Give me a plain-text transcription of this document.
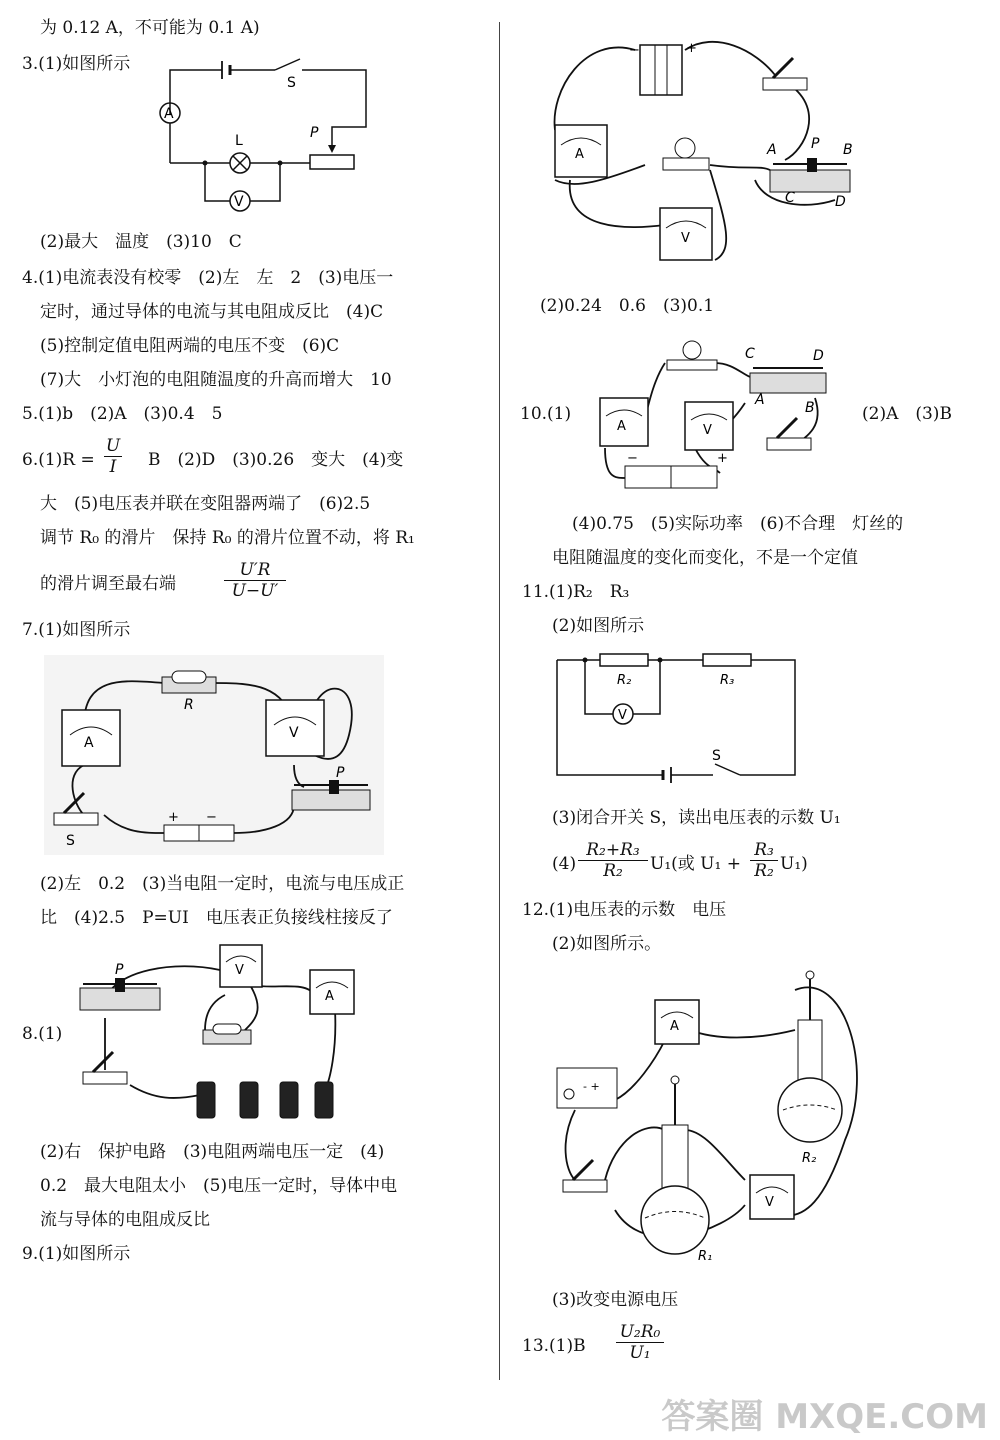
为 0.12 A，不可能为 0.1 A)
3.(1)如图所示
A
V
S
L	P
(2)最大　温度　(3)10　C
4.(1)电流表没有校零　(2)左　左　2　(3)电压一
定时，通过导体的电流与其电阻成反比　(4)C
(5)控制定值电阻两端的电压不变　(6)C
(7)大　小灯泡的电阻随温度的升高而增大　10
5.(1)b　(2)A　(3)0.4　5
$6.(1)R = \frac{U}{I}$ B　(2)D　(3)0.26　变大　(4)变
大　(5)电压表并联在变阻器两端了　(6)2.5
调节 R₀ 的滑片　保持 R₀ 的滑片位置不动，将 R₁
的滑片调至最右端	$\frac{U'R}{U-U'}$
7.(1)如图所示
R
A
V
P
S
+ −
(2)左　0.2　(3)当电阻一定时，电流与电压成正
比　(4)2.5　P=UI　电压表正负接线柱接反了
8.(1)
P	V
A
(2)右　保护电路　(3)电阻两端电压一定　(4)
0.2　最大电阻太小　(5)电压一定时，导体中电
流与导体的电阻成反比
9.(1)如图所示
−	+
A	A P B
C	D
V
(2)0.24　0.6　(3)0.1
10.(1)
C	D
A	B
A	V
−	+
(2)A　(3)B
(4)0.75　(5)实际功率　(6)不合理　灯丝的
电阻随温度的变化而变化，不是一个定值
11.(1)R₂　R₃
(2)如图所示
R₂	R₃
V
S
(3)闭合开关 S，读出电压表的示数 U₁
$(4) \frac{\text{R₂+R₃}}{\text{R₂}} U_1$(或 $U_1 + \frac{\text{R₃}}{\text{R₂}} U_1$)
12.(1)电压表的示数　电压
(2)如图所示。
- +
A
V
R₂
R₁
(3)改变电源电压
$13.(1)B \frac{\text{U₂R₀}}{\text{U₁}}$
答案圈 MXQE.COM
